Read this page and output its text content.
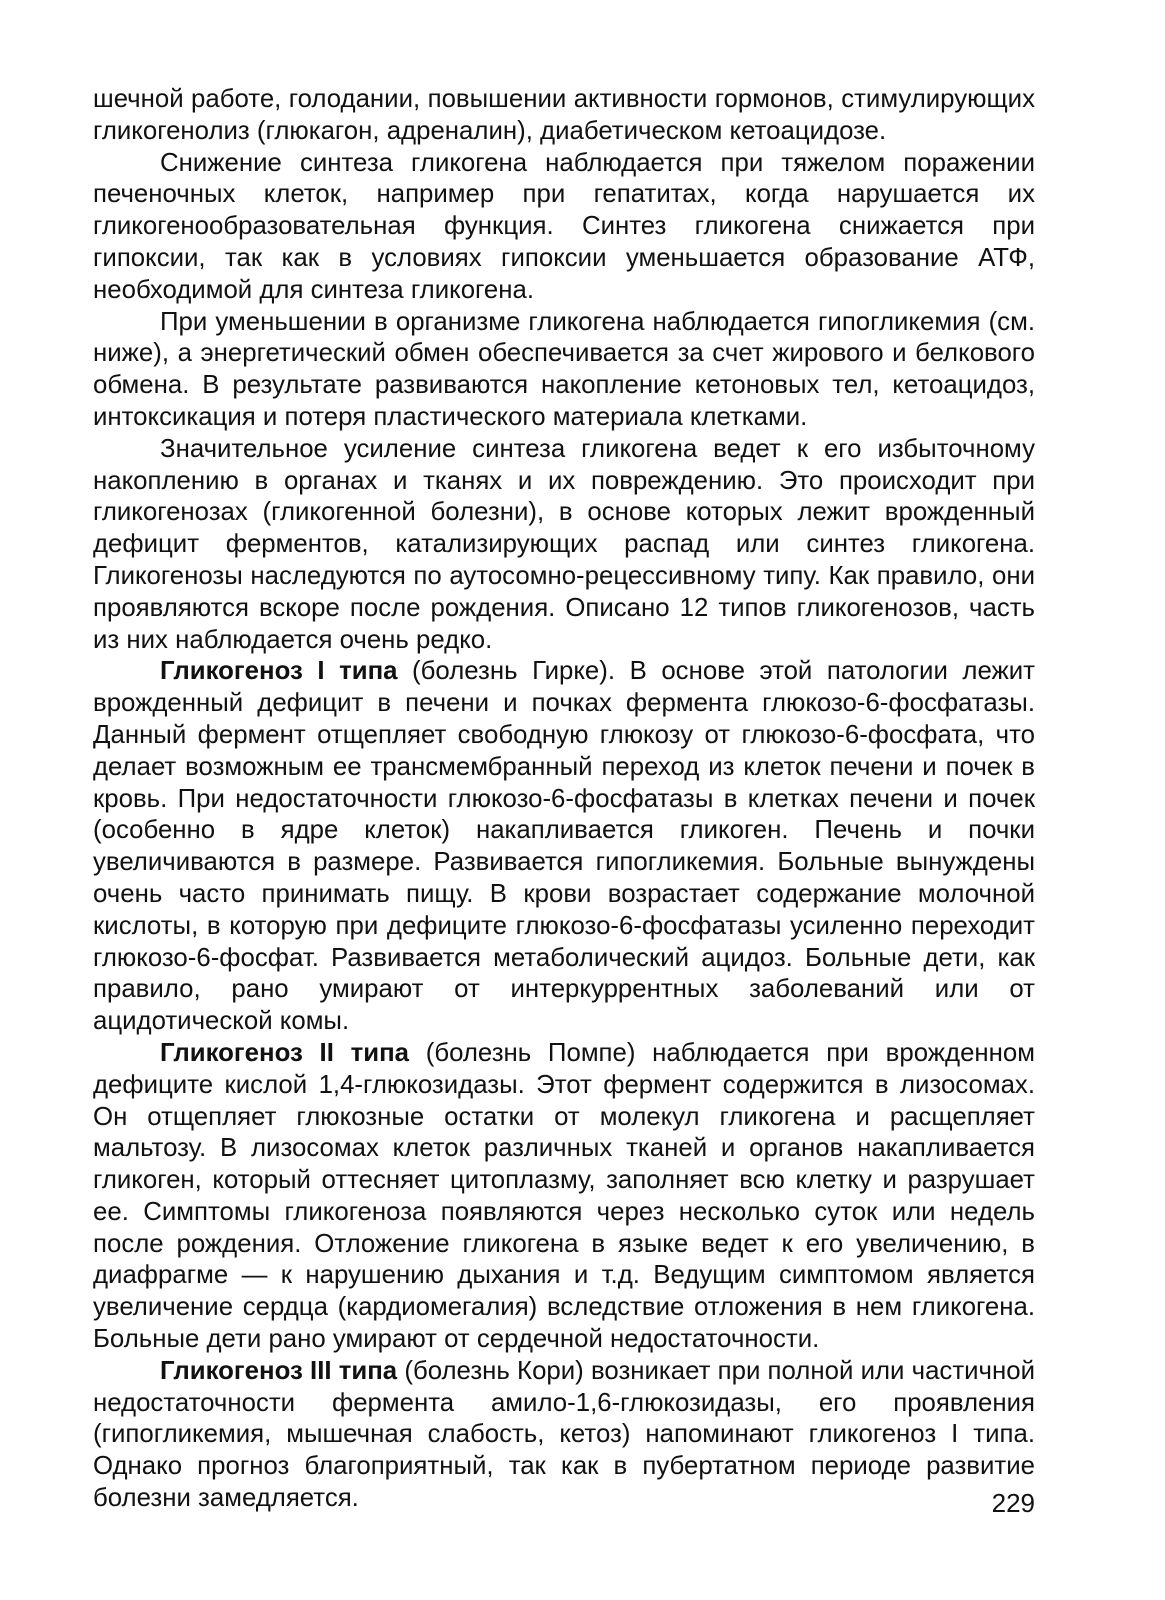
шечной работе, голодании, повышении активности гормонов, стимулирующих гликогенолиз (глюкагон, адреналин), диабетическом кетоацидозе.

Снижение синтеза гликогена наблюдается при тяжелом поражении печеночных клеток, например при гепатитах, когда нарушается их гликогенообразовательная функция. Синтез гликогена снижается при гипоксии, так как в условиях гипоксии уменьшается образование АТФ, необходимой для синтеза гликогена.

При уменьшении в организме гликогена наблюдается гипогликемия (см. ниже), а энергетический обмен обеспечивается за счет жирового и белкового обмена. В результате развиваются накопление кетоновых тел, кетоацидоз, интоксикация и потеря пластического материала клетками.

Значительное усиление синтеза гликогена ведет к его избыточному накоплению в органах и тканях и их повреждению. Это происходит при гликогенозах (гликогенной болезни), в основе которых лежит врожденный дефицит ферментов, катализирующих распад или синтез гликогена. Гликогенозы наследуются по аутосомно-рецессивному типу. Как правило, они проявляются вскоре после рождения. Описано 12 типов гликогенозов, часть из них наблюдается очень редко.

Гликогеноз I типа (болезнь Гирке). В основе этой патологии лежит врожденный дефицит в печени и почках фермента глюкозо-6-фосфатазы. Данный фермент отщепляет свободную глюкозу от глюкозо-6-фосфата, что делает возможным ее трансмембранный переход из клеток печени и почек в кровь. При недостаточности глюкозо-6-фосфатазы в клетках печени и почек (особенно в ядре клеток) накапливается гликоген. Печень и почки увеличиваются в размере. Развивается гипогликемия. Больные вынуждены очень часто принимать пищу. В крови возрастает содержание молочной кислоты, в которую при дефиците глюкозо-6-фосфатазы усиленно переходит глюкозо-6-фосфат. Развивается метаболический ацидоз. Больные дети, как правило, рано умирают от интеркуррентных заболеваний или от ацидотической комы.

Гликогеноз II типа (болезнь Помпе) наблюдается при врожденном дефиците кислой 1,4-глюкозидазы. Этот фермент содержится в лизосомах. Он отщепляет глюкозные остатки от молекул гликогена и расщепляет мальтозу. В лизосомах клеток различных тканей и органов накапливается гликоген, который оттесняет цитоплазму, заполняет всю клетку и разрушает ее. Симптомы гликогеноза появляются через несколько суток или недель после рождения. Отложение гликогена в языке ведет к его увеличению, в диафрагме — к нарушению дыхания и т.д. Ведущим симптомом является увеличение сердца (кардиомегалия) вследствие отложения в нем гликогена. Больные дети рано умирают от сердечной недостаточности.

Гликогеноз III типа (болезнь Кори) возникает при полной или частичной недостаточности фермента амило-1,6-глюкозидазы, его проявления (гипогликемия, мышечная слабость, кетоз) напоминают гликогеноз I типа. Однако прогноз благоприятный, так как в пубертатном периоде развитие болезни замедляется.	229
